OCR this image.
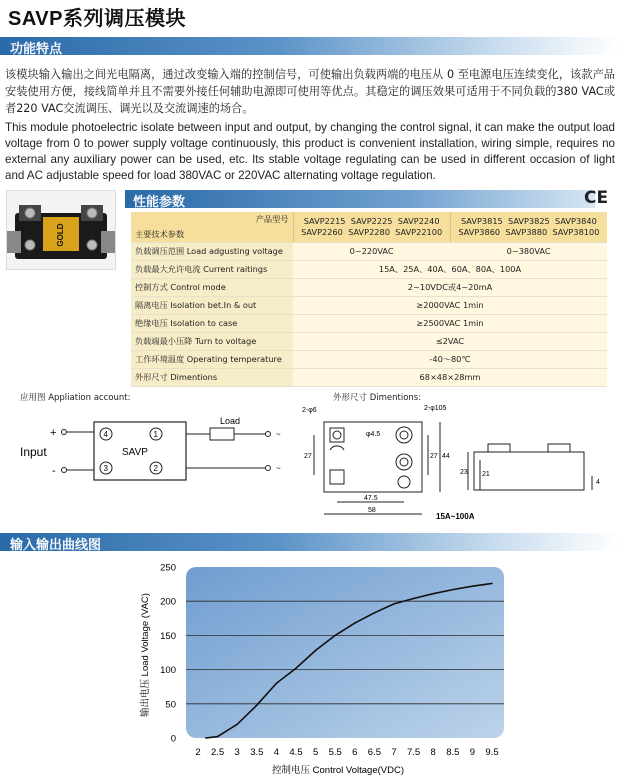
SAVP系列调压模块
功能特点

该模块输入输出之间光电隔离，通过改变输入端的控制信号，可使输出负载两端的电压从 0 至电源电压连续变化，该款产品安装使用方便，接线简单并且不需要外接任何辅助电源即可使用等优点。其稳定的调压效果可适用于不同负载的380 VAC或者220 VAC交流调压、调光以及交流调速的场合。

This module photoelectric isolate between input and output, by changing the control signal, it can make the output load voltage from 0 to power supply voltage continuously, this product is convenient installation, wiring simple, requires no external any auxiliary power can be used, etc. Its stable voltage regulating can be used in different occasion of light and AC adjustable speed for load 380VAC or 220VAC alternating voltage regulation.

GOLD
性能参数	CE
产品型号
主要技术参数	SAVP2215 SAVP2225 SAVP2240
SAVP2260 SAVP2280 SAVP22100	SAVP3815 SAVP3825 SAVP3840
SAVP3860 SAVP3880 SAVP38100
负载调压范围 Load adgusting voltage	0~220VAC	0~380VAC
负载最大允许电流 Current raitings	15A、25A、40A、60A、80A、100A	
控制方式 Control mode	2~10VDC或4~20mA	
隔离电压 Isolation bet.In & out	≥2000VAC 1min	
绝缘电压 Isolation to case	≥2500VAC 1min	
负载端最小压降 Turn to voltage	≤2VAC	
工作环境温度 Operating temperature	-40～80℃	
外形尺寸 Dimentions	68×48×28mm	
应用图 Appliation account:
+
-
Input
4	1
3	2
SAVP
~
~
Load
外形尺寸 Dimentions:
2-φ6	2-φ105
φ4.5
27	27 44
47.5
58
23 21
4
15A~100A
输入输出曲线图
0
50
100
150
200
250
2 2.5 3 3.5 4 4.5 5 5.5 6 6.5 7 7.5 8 8.5 9 9.5
控制电压 Control Voltage(VDC)
输出电压 Load Voltage (VAC)
